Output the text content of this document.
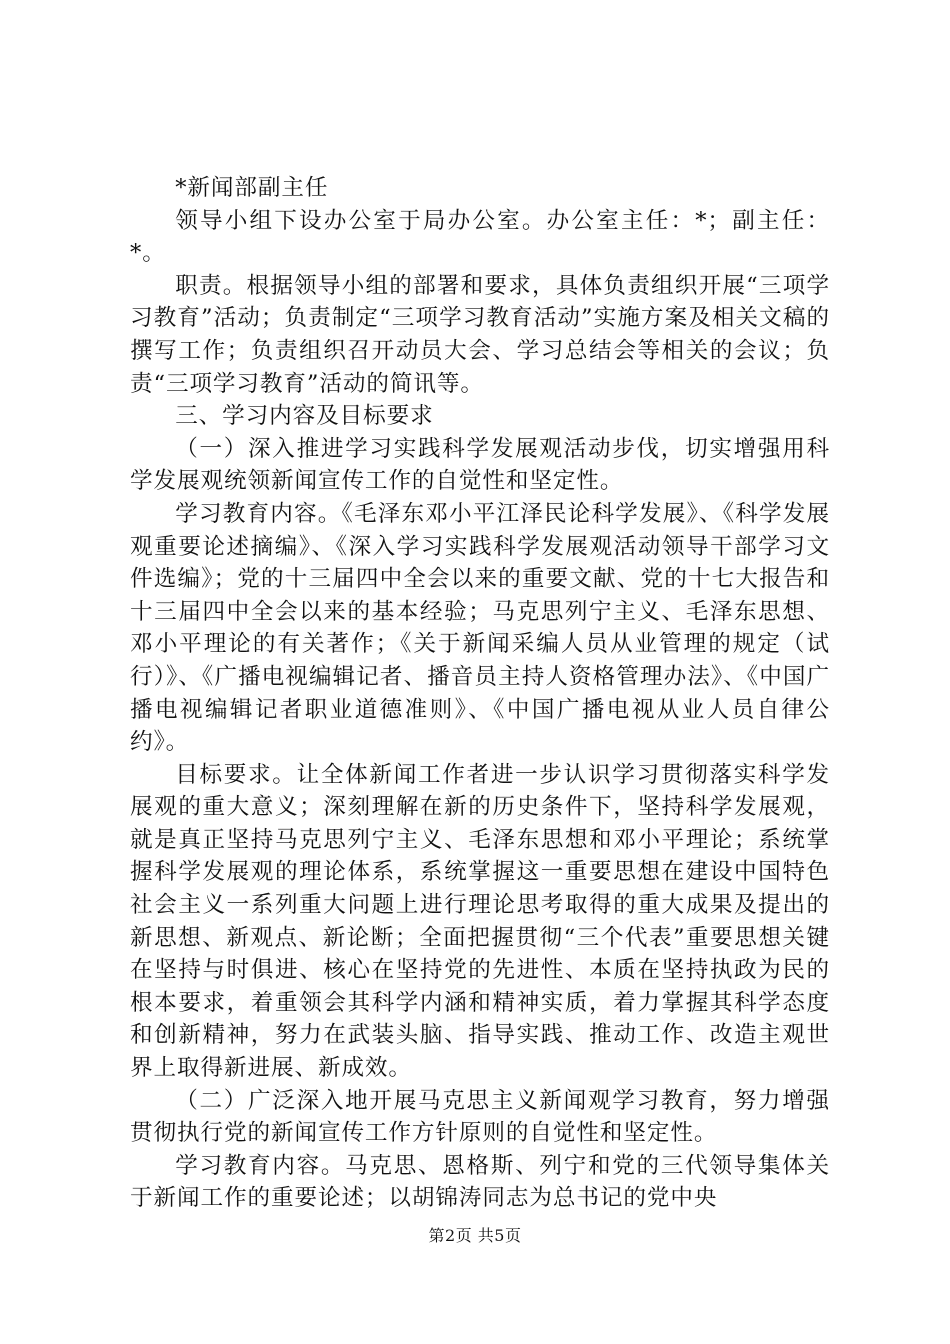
*新闻部副主任

领导小组下设办公室于局办公室。办公室主任：*；副主任：*。

职责。根据领导小组的部署和要求，具体负责组织开展“三项学习教育”活动；负责制定“三项学习教育活动”实施方案及相关文稿的撰写工作；负责组织召开动员大会、学习总结会等相关的会议；负责“三项学习教育”活动的简讯等。

三、学习内容及目标要求

（一）深入推进学习实践科学发展观活动步伐，切实增强用科学发展观统领新闻宣传工作的自觉性和坚定性。

学习教育内容。《毛泽东邓小平江泽民论科学发展》、《科学发展观重要论述摘编》、《深入学习实践科学发展观活动领导干部学习文件选编》；党的十三届四中全会以来的重要文献、党的十七大报告和十三届四中全会以来的基本经验；马克思列宁主义、毛泽东思想、邓小平理论的有关著作；《关于新闻采编人员从业管理的规定（试行）》、《广播电视编辑记者、播音员主持人资格管理办法》、《中国广播电视编辑记者职业道德准则》、《中国广播电视从业人员自律公约》。

目标要求。让全体新闻工作者进一步认识学习贯彻落实科学发展观的重大意义；深刻理解在新的历史条件下，坚持科学发展观，就是真正坚持马克思列宁主义、毛泽东思想和邓小平理论；系统掌握科学发展观的理论体系，系统掌握这一重要思想在建设中国特色社会主义一系列重大问题上进行理论思考取得的重大成果及提出的新思想、新观点、新论断；全面把握贯彻“三个代表”重要思想关键在坚持与时俱进、核心在坚持党的先进性、本质在坚持执政为民的根本要求，着重领会其科学内涵和精神实质，着力掌握其科学态度和创新精神，努力在武装头脑、指导实践、推动工作、改造主观世界上取得新进展、新成效。

（二）广泛深入地开展马克思主义新闻观学习教育，努力增强贯彻执行党的新闻宣传工作方针原则的自觉性和坚定性。

学习教育内容。马克思、恩格斯、列宁和党的三代领导集体关于新闻工作的重要论述；以胡锦涛同志为总书记的党中央

第2页 共5页
